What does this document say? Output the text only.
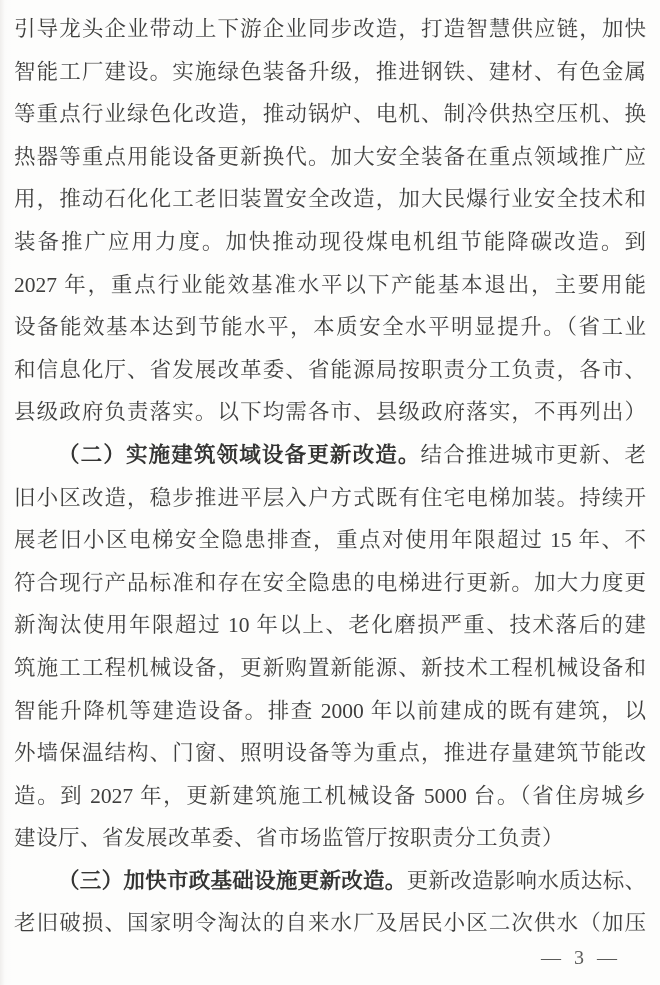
引导龙头企业带动上下游企业同步改造，打造智慧供应链，加快
智能工厂建设。实施绿色装备升级，推进钢铁、建材、有色金属
等重点行业绿色化改造，推动锅炉、电机、制冷供热空压机、换
热器等重点用能设备更新换代。加大安全装备在重点领域推广应
用，推动石化化工老旧装置安全改造，加大民爆行业安全技术和
装备推广应用力度。加快推动现役煤电机组节能降碳改造。到
2027 年，重点行业能效基准水平以下产能基本退出，主要用能
设备能效基本达到节能水平，本质安全水平明显提升。（省工业
和信息化厅、省发展改革委、省能源局按职责分工负责，各市、
县级政府负责落实。以下均需各市、县级政府落实，不再列出）
（二）实施建筑领域设备更新改造。结合推进城市更新、老
旧小区改造，稳步推进平层入户方式既有住宅电梯加装。持续开
展老旧小区电梯安全隐患排查，重点对使用年限超过 15 年、不
符合现行产品标准和存在安全隐患的电梯进行更新。加大力度更
新淘汰使用年限超过 10 年以上、老化磨损严重、技术落后的建
筑施工工程机械设备，更新购置新能源、新技术工程机械设备和
智能升降机等建造设备。排查 2000 年以前建成的既有建筑，以
外墙保温结构、门窗、照明设备等为重点，推进存量建筑节能改
造。到 2027 年，更新建筑施工机械设备 5000 台。（省住房城乡
建设厅、省发展改革委、省市场监管厅按职责分工负责）
（三）加快市政基础设施更新改造。更新改造影响水质达标、
老旧破损、国家明令淘汰的自来水厂及居民小区二次供水（加压
— 3 —
